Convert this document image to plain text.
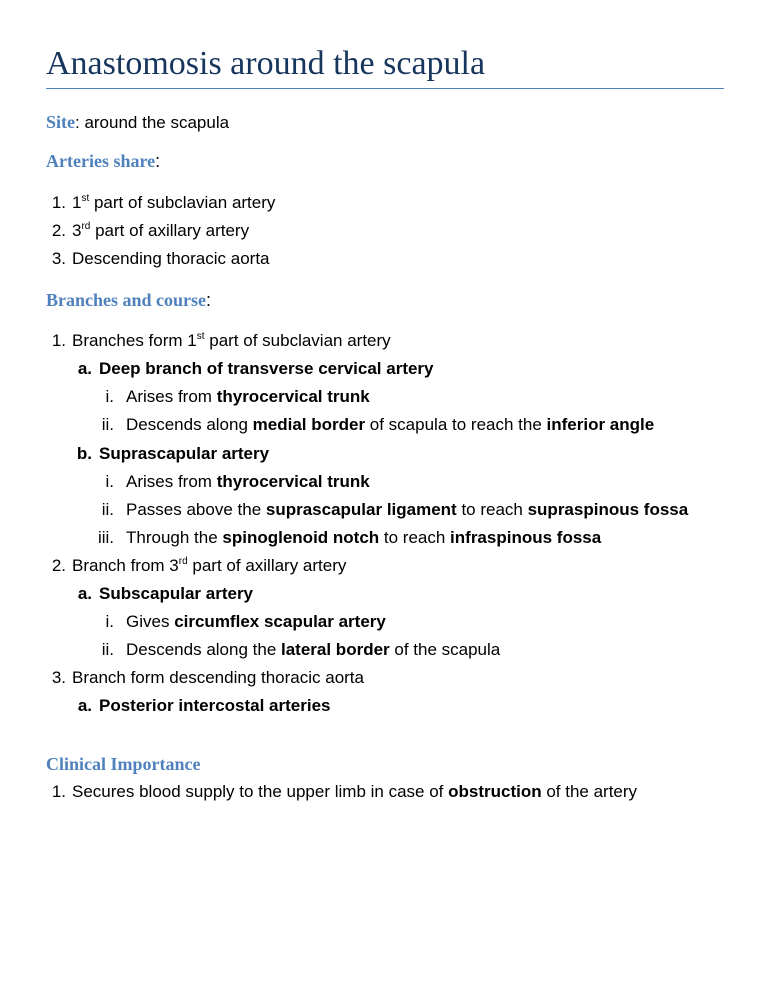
Anastomosis around the scapula
Site: around the scapula
Arteries share:
1. 1st part of subclavian artery
2. 3rd part of axillary artery
3. Descending thoracic aorta
Branches and course:
1. Branches form 1st part of subclavian artery
a. Deep branch of transverse cervical artery
i. Arises from thyrocervical trunk
ii. Descends along medial border of scapula to reach the inferior angle
b. Suprascapular artery
i. Arises from thyrocervical trunk
ii. Passes above the suprascapular ligament to reach supraspinous fossa
iii. Through the spinoglenoid notch to reach infraspinous fossa
2. Branch from 3rd part of axillary artery
a. Subscapular artery
i. Gives circumflex scapular artery
ii. Descends along the lateral border of the scapula
3. Branch form descending thoracic aorta
a. Posterior intercostal arteries
Clinical Importance
1. Secures blood supply to the upper limb in case of obstruction of the artery
